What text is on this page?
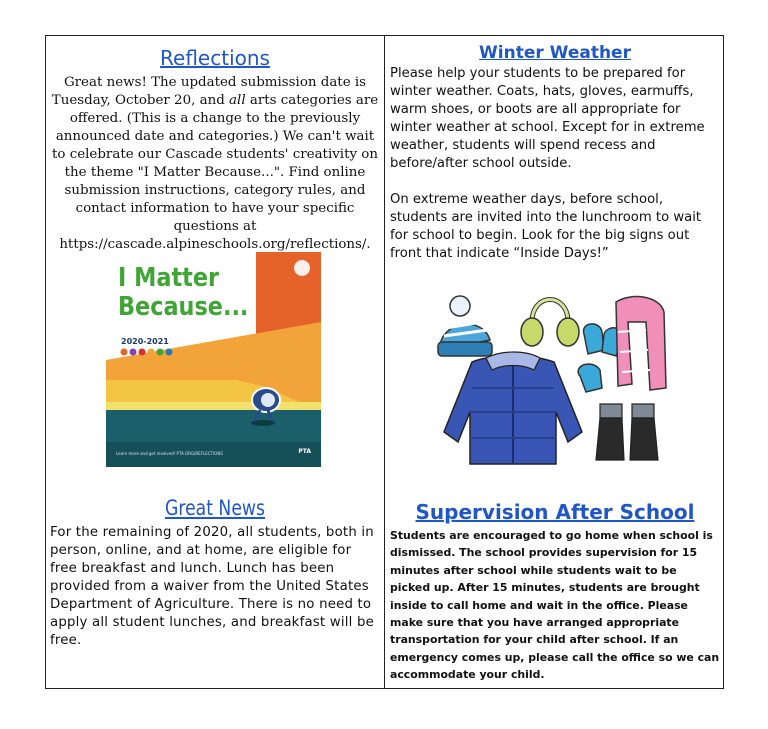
Reflections

Great news! The updated submission date is Tuesday, October 20, and all arts categories are offered. (This is a change to the previously announced date and categories.) We can't wait to celebrate our Cascade students' creativity on the theme "I Matter Because...". Find online submission instructions, category rules, and contact information to have your specific questions at https://cascade.alpineschools.org/reflections/.

I Matter
Because...
2020-2021
Learn more and get involved! PTA.ORG/REFLECTIONS	PTA
Winter Weather

Please help your students to be prepared for winter weather. Coats, hats, gloves, earmuffs, warm shoes, or boots are all appropriate for winter weather at school. Except for in extreme weather, students will spend recess and before/after school outside.

On extreme weather days, before school, students are invited into the lunchroom to wait for school to begin. Look for the big signs out front that indicate “Inside Days!”

Great News

For the remaining of 2020, all students, both in person, online, and at home, are eligible for free breakfast and lunch. Lunch has been provided from a waiver from the United States Department of Agriculture. There is no need to apply all student lunches, and breakfast will be free.

Supervision After School

Students are encouraged to go home when school is dismissed. The school provides supervision for 15 minutes after school while students wait to be picked up. After 15 minutes, students are brought inside to call home and wait in the office. Please make sure that you have arranged appropriate transportation for your child after school. If an emergency comes up, please call the office so we can accommodate your child.
